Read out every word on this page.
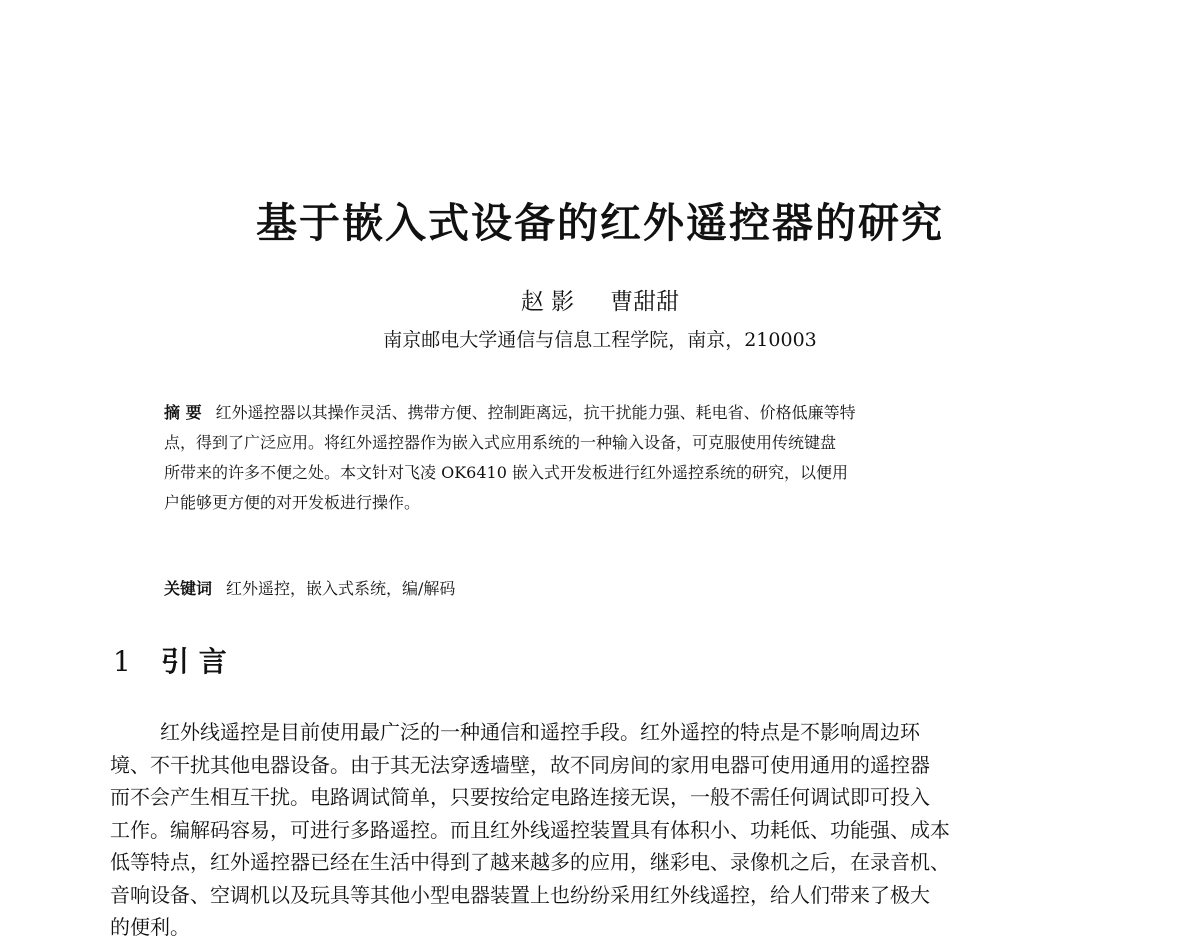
基于嵌入式设备的红外遥控器的研究
赵 影 曹甜甜
南京邮电大学通信与信息工程学院，南京，210003
摘 要 红外遥控器以其操作灵活、携带方便、控制距离远，抗干扰能力强、耗电省、价格低廉等特
点，得到了广泛应用。将红外遥控器作为嵌入式应用系统的一种输入设备，可克服使用传统键盘
所带来的许多不便之处。本文针对飞凌 OK6410 嵌入式开发板进行红外遥控系统的研究，以便用
户能够更方便的对开发板进行操作。
关键词 红外遥控，嵌入式系统，编/解码
1 引 言
红外线遥控是目前使用最广泛的一种通信和遥控手段。红外遥控的特点是不影响周边环
境、不干扰其他电器设备。由于其无法穿透墙壁，故不同房间的家用电器可使用通用的遥控器
而不会产生相互干扰。电路调试简单，只要按给定电路连接无误，一般不需任何调试即可投入
工作。编解码容易，可进行多路遥控。而且红外线遥控装置具有体积小、功耗低、功能强、成本
低等特点，红外遥控器已经在生活中得到了越来越多的应用，继彩电、录像机之后，在录音机、
音响设备、空调机以及玩具等其他小型电器装置上也纷纷采用红外线遥控，给人们带来了极大
的便利。
